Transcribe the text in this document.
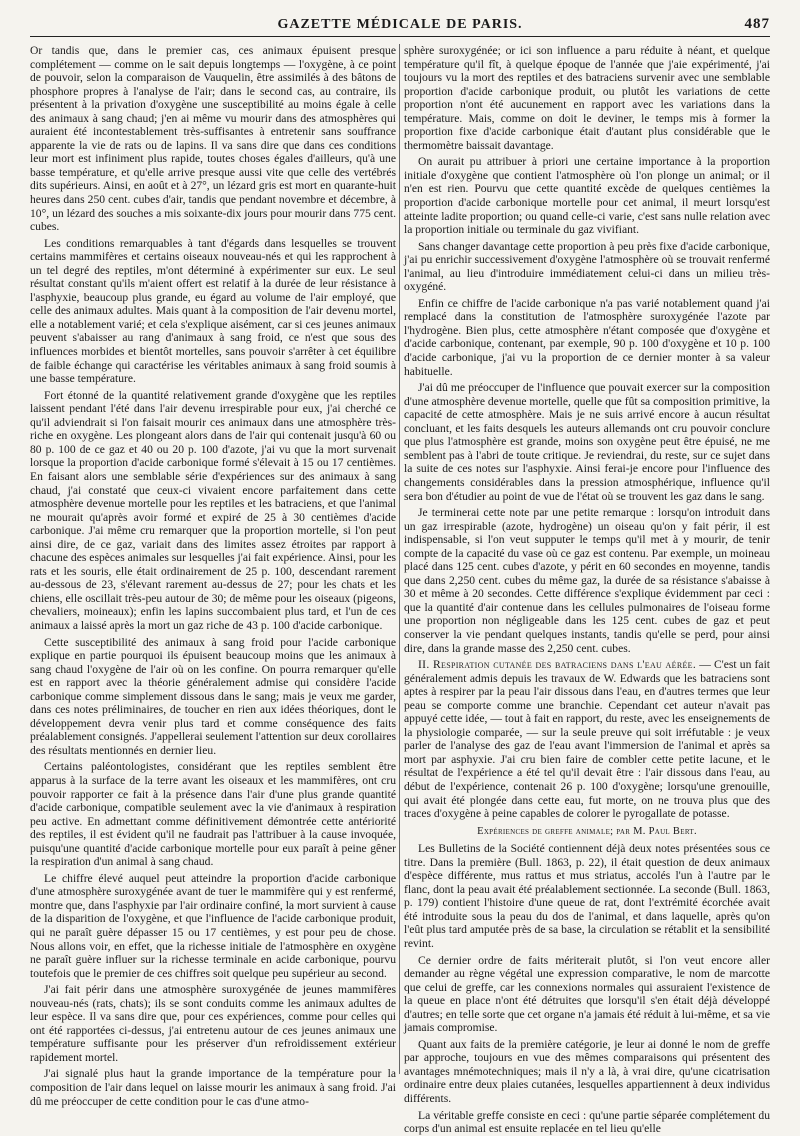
GAZETTE MÉDICALE DE PARIS.	487

Or tandis que, dans le premier cas, ces animaux épuisent presque complétement — comme on le sait depuis longtemps — l'oxygène, à ce point de pouvoir, selon la comparaison de Vauquelin, être assimilés à des bâtons de phosphore propres à l'analyse de l'air; dans le second cas, au contraire, ils présentent à la privation d'oxygène une susceptibilité au moins égale à celle des animaux à sang chaud; j'en ai même vu mourir dans des atmosphères qui auraient été incontestablement très-suffisantes à entretenir sans souffrance apparente la vie de rats ou de lapins. Il va sans dire que dans ces conditions leur mort est infiniment plus rapide, toutes choses égales d'ailleurs, qu'à une basse température, et qu'elle arrive presque aussi vite que celle des vertébrés dits supérieurs. Ainsi, en août et à 27°, un lézard gris est mort en quarante-huit heures dans 250 cent. cubes d'air, tandis que pendant novembre et décembre, à 10°, un lézard des souches a mis soixante-dix jours pour mourir dans 775 cent. cubes.

Les conditions remarquables à tant d'égards dans lesquelles se trouvent certains mammifères et certains oiseaux nouveau-nés et qui les rapprochent à un tel degré des reptiles, m'ont déterminé à expérimenter sur eux. Le seul résultat constant qu'ils m'aient offert est relatif à la durée de leur résistance à l'asphyxie, beaucoup plus grande, eu égard au volume de l'air employé, que celle des animaux adultes. Mais quant à la composition de l'air devenu mortel, elle a notablement varié; et cela s'explique aisément, car si ces jeunes animaux peuvent s'abaisser au rang d'animaux à sang froid, ce n'est que sous des influences morbides et bientôt mortelles, sans pouvoir s'arrêter à cet équilibre de faible échange qui caractérise les véritables animaux à sang froid soumis à une basse température.

Fort étonné de la quantité relativement grande d'oxygène que les reptiles laissent pendant l'été dans l'air devenu irrespirable pour eux, j'ai cherché ce qu'il adviendrait si l'on faisait mourir ces animaux dans une atmosphère très-riche en oxygène. Les plongeant alors dans de l'air qui contenait jusqu'à 60 ou 80 p. 100 de ce gaz et 40 ou 20 p. 100 d'azote, j'ai vu que la mort survenait lorsque la proportion d'acide carbonique formé s'élevait à 15 ou 17 centièmes. En faisant alors une semblable série d'expériences sur des animaux à sang chaud, j'ai constaté que ceux-ci vivaient encore parfaitement dans cette atmosphère devenue mortelle pour les reptiles et les batraciens, et que l'animal ne mourait qu'après avoir formé et expiré de 25 à 30 centièmes d'acide carbonique. J'ai même cru remarquer que la proportion mortelle, si l'on peut ainsi dire, de ce gaz, variait dans des limites assez étroites par rapport à chacune des espèces animales sur lesquelles j'ai fait expérience. Ainsi, pour les rats et les souris, elle était ordinairement de 25 p. 100, descendant rarement au-dessous de 23, s'élevant rarement au-dessus de 27; pour les chats et les chiens, elle oscillait très-peu autour de 30; de même pour les oiseaux (pigeons, chevaliers, moineaux); enfin les lapins succombaient plus tard, et l'un de ces animaux a laissé après la mort un gaz riche de 43 p. 100 d'acide carbonique.

Cette susceptibilité des animaux à sang froid pour l'acide carbonique explique en partie pourquoi ils épuisent beaucoup moins que les animaux à sang chaud l'oxygène de l'air où on les confine. On pourra remarquer qu'elle est en rapport avec la théorie généralement admise qui considère l'acide carbonique comme simplement dissous dans le sang; mais je veux me garder, dans ces notes préliminaires, de toucher en rien aux idées théoriques, dont le développement devra venir plus tard et comme conséquence des faits préalablement consignés. J'appellerai seulement l'attention sur deux corollaires des résultats mentionnés en dernier lieu.

Certains paléontologistes, considérant que les reptiles semblent être apparus à la surface de la terre avant les oiseaux et les mammifères, ont cru pouvoir rapporter ce fait à la présence dans l'air d'une plus grande quantité d'acide carbonique, compatible seulement avec la vie d'animaux à respiration peu active. En admettant comme définitivement démontrée cette antériorité des reptiles, il est évident qu'il ne faudrait pas l'attribuer à la cause invoquée, puisqu'une quantité d'acide carbonique mortelle pour eux paraît à peine gêner la respiration d'un animal à sang chaud.

Le chiffre élevé auquel peut atteindre la proportion d'acide carbonique d'une atmosphère suroxygénée avant de tuer le mammifère qui y est renfermé, montre que, dans l'asphyxie par l'air ordinaire confiné, la mort survient à cause de la disparition de l'oxygène, et que l'influence de l'acide carbonique produit, qui ne paraît guère dépasser 15 ou 17 centièmes, y est pour peu de chose. Nous allons voir, en effet, que la richesse initiale de l'atmosphère en oxygène ne paraît guère influer sur la richesse terminale en acide carbonique, pourvu toutefois que le premier de ces chiffres soit quelque peu supérieur au second.

J'ai fait périr dans une atmosphère suroxygénée de jeunes mammifères nouveau-nés (rats, chats); ils se sont conduits comme les animaux adultes de leur espèce. Il va sans dire que, pour ces expériences, comme pour celles qui ont été rapportées ci-dessus, j'ai entretenu autour de ces jeunes animaux une température suffisante pour les préserver d'un refroidissement extérieur rapidement mortel.

J'ai signalé plus haut la grande importance de la température pour la composition de l'air dans lequel on laisse mourir les animaux à sang froid. J'ai dû me préoccuper de cette condition pour le cas d'une atmo-

sphère suroxygénée; or ici son influence a paru réduite à néant, et quelque température qu'il fît, à quelque époque de l'année que j'aie expérimenté, j'ai toujours vu la mort des reptiles et des batraciens survenir avec une semblable proportion d'acide carbonique produit, ou plutôt les variations de cette proportion n'ont été aucunement en rapport avec les variations dans la température. Mais, comme on doit le deviner, le temps mis à former la proportion fixe d'acide carbonique était d'autant plus considérable que le thermomètre baissait davantage.

On aurait pu attribuer à priori une certaine importance à la proportion initiale d'oxygène que contient l'atmosphère où l'on plonge un animal; or il n'en est rien. Pourvu que cette quantité excède de quelques centièmes la proportion d'acide carbonique mortelle pour cet animal, il meurt lorsqu'est atteinte ladite proportion; ou quand celle-ci varie, c'est sans nulle relation avec la proportion initiale ou terminale du gaz vivifiant.

Sans changer davantage cette proportion à peu près fixe d'acide carbonique, j'ai pu enrichir successivement d'oxygène l'atmosphère où se trouvait renfermé l'animal, au lieu d'introduire immédiatement celui-ci dans un milieu très-oxygéné.

Enfin ce chiffre de l'acide carbonique n'a pas varié notablement quand j'ai remplacé dans la constitution de l'atmosphère suroxygénée l'azote par l'hydrogène. Bien plus, cette atmosphère n'étant composée que d'oxygène et d'acide carbonique, contenant, par exemple, 90 p. 100 d'oxygène et 10 p. 100 d'acide carbonique, j'ai vu la proportion de ce dernier monter à sa valeur habituelle.

J'ai dû me préoccuper de l'influence que pouvait exercer sur la composition d'une atmosphère devenue mortelle, quelle que fût sa composition primitive, la capacité de cette atmosphère. Mais je ne suis arrivé encore à aucun résultat concluant, et les faits desquels les auteurs allemands ont cru pouvoir conclure que plus l'atmosphère est grande, moins son oxygène peut être épuisé, ne me semblent pas à l'abri de toute critique. Je reviendrai, du reste, sur ce sujet dans la suite de ces notes sur l'asphyxie. Ainsi ferai-je encore pour l'influence des changements considérables dans la pression atmosphérique, influence qu'il sera bon d'étudier au point de vue de l'état où se trouvent les gaz dans le sang.

Je terminerai cette note par une petite remarque : lorsqu'on introduit dans un gaz irrespirable (azote, hydrogène) un oiseau qu'on y fait périr, il est indispensable, si l'on veut supputer le temps qu'il met à y mourir, de tenir compte de la capacité du vase où ce gaz est contenu. Par exemple, un moineau placé dans 125 cent. cubes d'azote, y périt en 60 secondes en moyenne, tandis que dans 2,250 cent. cubes du même gaz, la durée de sa résistance s'abaisse à 30 et même à 20 secondes. Cette différence s'explique évidemment par ceci : que la quantité d'air contenue dans les cellules pulmonaires de l'oiseau forme une proportion non négligeable dans les 125 cent. cubes de gaz et peut conserver la vie pendant quelques instants, tandis qu'elle se perd, pour ainsi dire, dans la grande masse des 2,250 cent. cubes.

II. Respiration cutanée des batraciens dans l'eau aérée. — C'est un fait généralement admis depuis les travaux de W. Edwards que les batraciens sont aptes à respirer par la peau l'air dissous dans l'eau, en d'autres termes que leur peau se comporte comme une branchie. Cependant cet auteur n'avait pas appuyé cette idée, — tout à fait en rapport, du reste, avec les enseignements de la physiologie comparée, — sur la seule preuve qui soit irréfutable : je veux parler de l'analyse des gaz de l'eau avant l'immersion de l'animal et après sa mort par asphyxie. J'ai cru bien faire de combler cette petite lacune, et le résultat de l'expérience a été tel qu'il devait être : l'air dissous dans l'eau, au début de l'expérience, contenait 26 p. 100 d'oxygène; lorsqu'une grenouille, qui avait été plongée dans cette eau, fut morte, on ne trouva plus que des traces d'oxygène à peine capables de colorer le pyrogallate de potasse.

Expériences de greffe animale; par M. Paul Bert.

Les Bulletins de la Société contiennent déjà deux notes présentées sous ce titre. Dans la première (Bull. 1863, p. 22), il était question de deux animaux d'espèce différente, mus rattus et mus striatus, accolés l'un à l'autre par le flanc, dont la peau avait été préalablement sectionnée. La seconde (Bull. 1863, p. 179) contient l'histoire d'une queue de rat, dont l'extrémité écorchée avait été introduite sous la peau du dos de l'animal, et dans laquelle, après qu'on l'eût plus tard amputée près de sa base, la circulation se rétablit et la sensibilité revint.

Ce dernier ordre de faits mériterait plutôt, si l'on veut encore aller demander au règne végétal une expression comparative, le nom de marcotte que celui de greffe, car les connexions normales qui assuraient l'existence de la queue en place n'ont été détruites que lorsqu'il s'en était déjà développé d'autres; en telle sorte que cet organe n'a jamais été réduit à lui-même, et sa vie jamais compromise.

Quant aux faits de la première catégorie, je leur ai donné le nom de greffe par approche, toujours en vue des mêmes comparaisons qui présentent des avantages mnémotechniques; mais il n'y a là, à vrai dire, qu'une cicatrisation ordinaire entre deux plaies cutanées, lesquelles appartiennent à deux individus différents.

La véritable greffe consiste en ceci : qu'une partie séparée complétement du corps d'un animal est ensuite replacée en tel lieu qu'elle
